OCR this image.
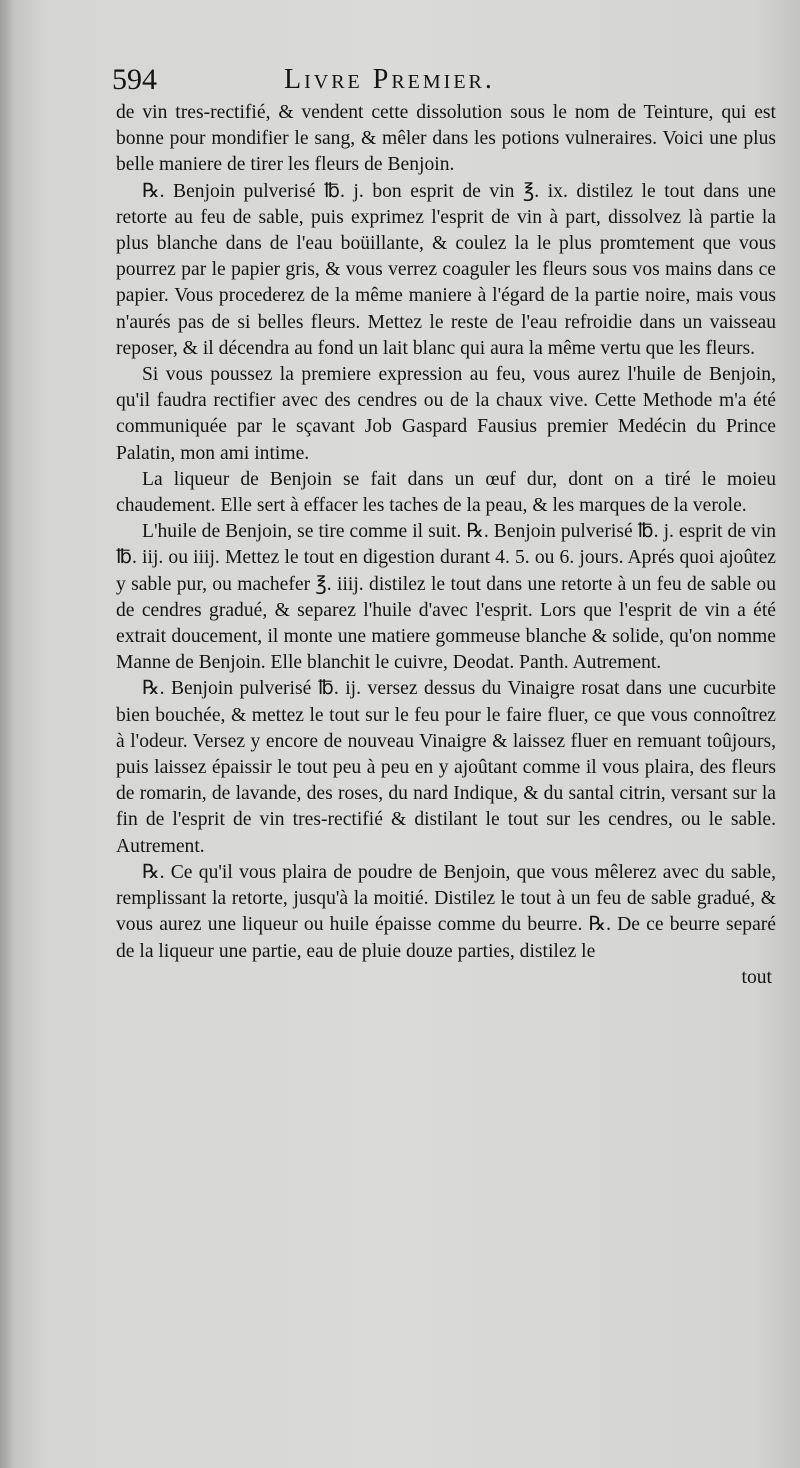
594	Livre Premier.

de vin tres-rectifié, & vendent cette dissolution sous le nom de Teinture, qui est bonne pour mondifier le sang, & mêler dans les potions vulneraires. Voici une plus belle maniere de tirer les fleurs de Benjoin.

℞. Benjoin pulverisé ℔. j. bon esprit de vin ℥. ix. distilez le tout dans une retorte au feu de sable, puis exprimez l'esprit de vin à part, dissolvez là partie la plus blanche dans de l'eau boüillante, & coulez la le plus promtement que vous pourrez par le papier gris, & vous verrez coaguler les fleurs sous vos mains dans ce papier. Vous procederez de la même maniere à l'égard de la partie noire, mais vous n'aurés pas de si belles fleurs. Mettez le reste de l'eau refroidie dans un vaisseau reposer, & il décendra au fond un lait blanc qui aura la même vertu que les fleurs.

Si vous poussez la premiere expression au feu, vous aurez l'huile de Benjoin, qu'il faudra rectifier avec des cendres ou de la chaux vive. Cette Methode m'a été communiquée par le sçavant Job Gaspard Fausius premier Medécin du Prince Palatin, mon ami intime.

La liqueur de Benjoin se fait dans un œuf dur, dont on a tiré le moieu chaudement. Elle sert à effacer les taches de la peau, & les marques de la verole.

L'huile de Benjoin, se tire comme il suit. ℞. Benjoin pulverisé ℔. j. esprit de vin ℔. iij. ou iiij. Mettez le tout en digestion durant 4. 5. ou 6. jours. Aprés quoi ajoûtez y sable pur, ou machefer ℥. iiij. distilez le tout dans une retorte à un feu de sable ou de cendres gradué, & separez l'huile d'avec l'esprit. Lors que l'esprit de vin a été extrait doucement, il monte une matiere gommeuse blanche & solide, qu'on nomme Manne de Benjoin. Elle blanchit le cuivre, Deodat. Panth. Autrement.

℞. Benjoin pulverisé ℔. ij. versez dessus du Vinaigre rosat dans une cucurbite bien bouchée, & mettez le tout sur le feu pour le faire fluer, ce que vous connoîtrez à l'odeur. Versez y encore de nouveau Vinaigre & laissez fluer en remuant toûjours, puis laissez épaissir le tout peu à peu en y ajoûtant comme il vous plaira, des fleurs de romarin, de lavande, des roses, du nard Indique, & du santal citrin, versant sur la fin de l'esprit de vin tres-rectifié & distilant le tout sur les cendres, ou le sable. Autrement.

℞. Ce qu'il vous plaira de poudre de Benjoin, que vous mêlerez avec du sable, remplissant la retorte, jusqu'à la moitié. Distilez le tout à un feu de sable gradué, & vous aurez une liqueur ou huile épaisse comme du beurre. ℞. De ce beurre separé de la liqueur une partie, eau de pluie douze parties, distilez le

tout
